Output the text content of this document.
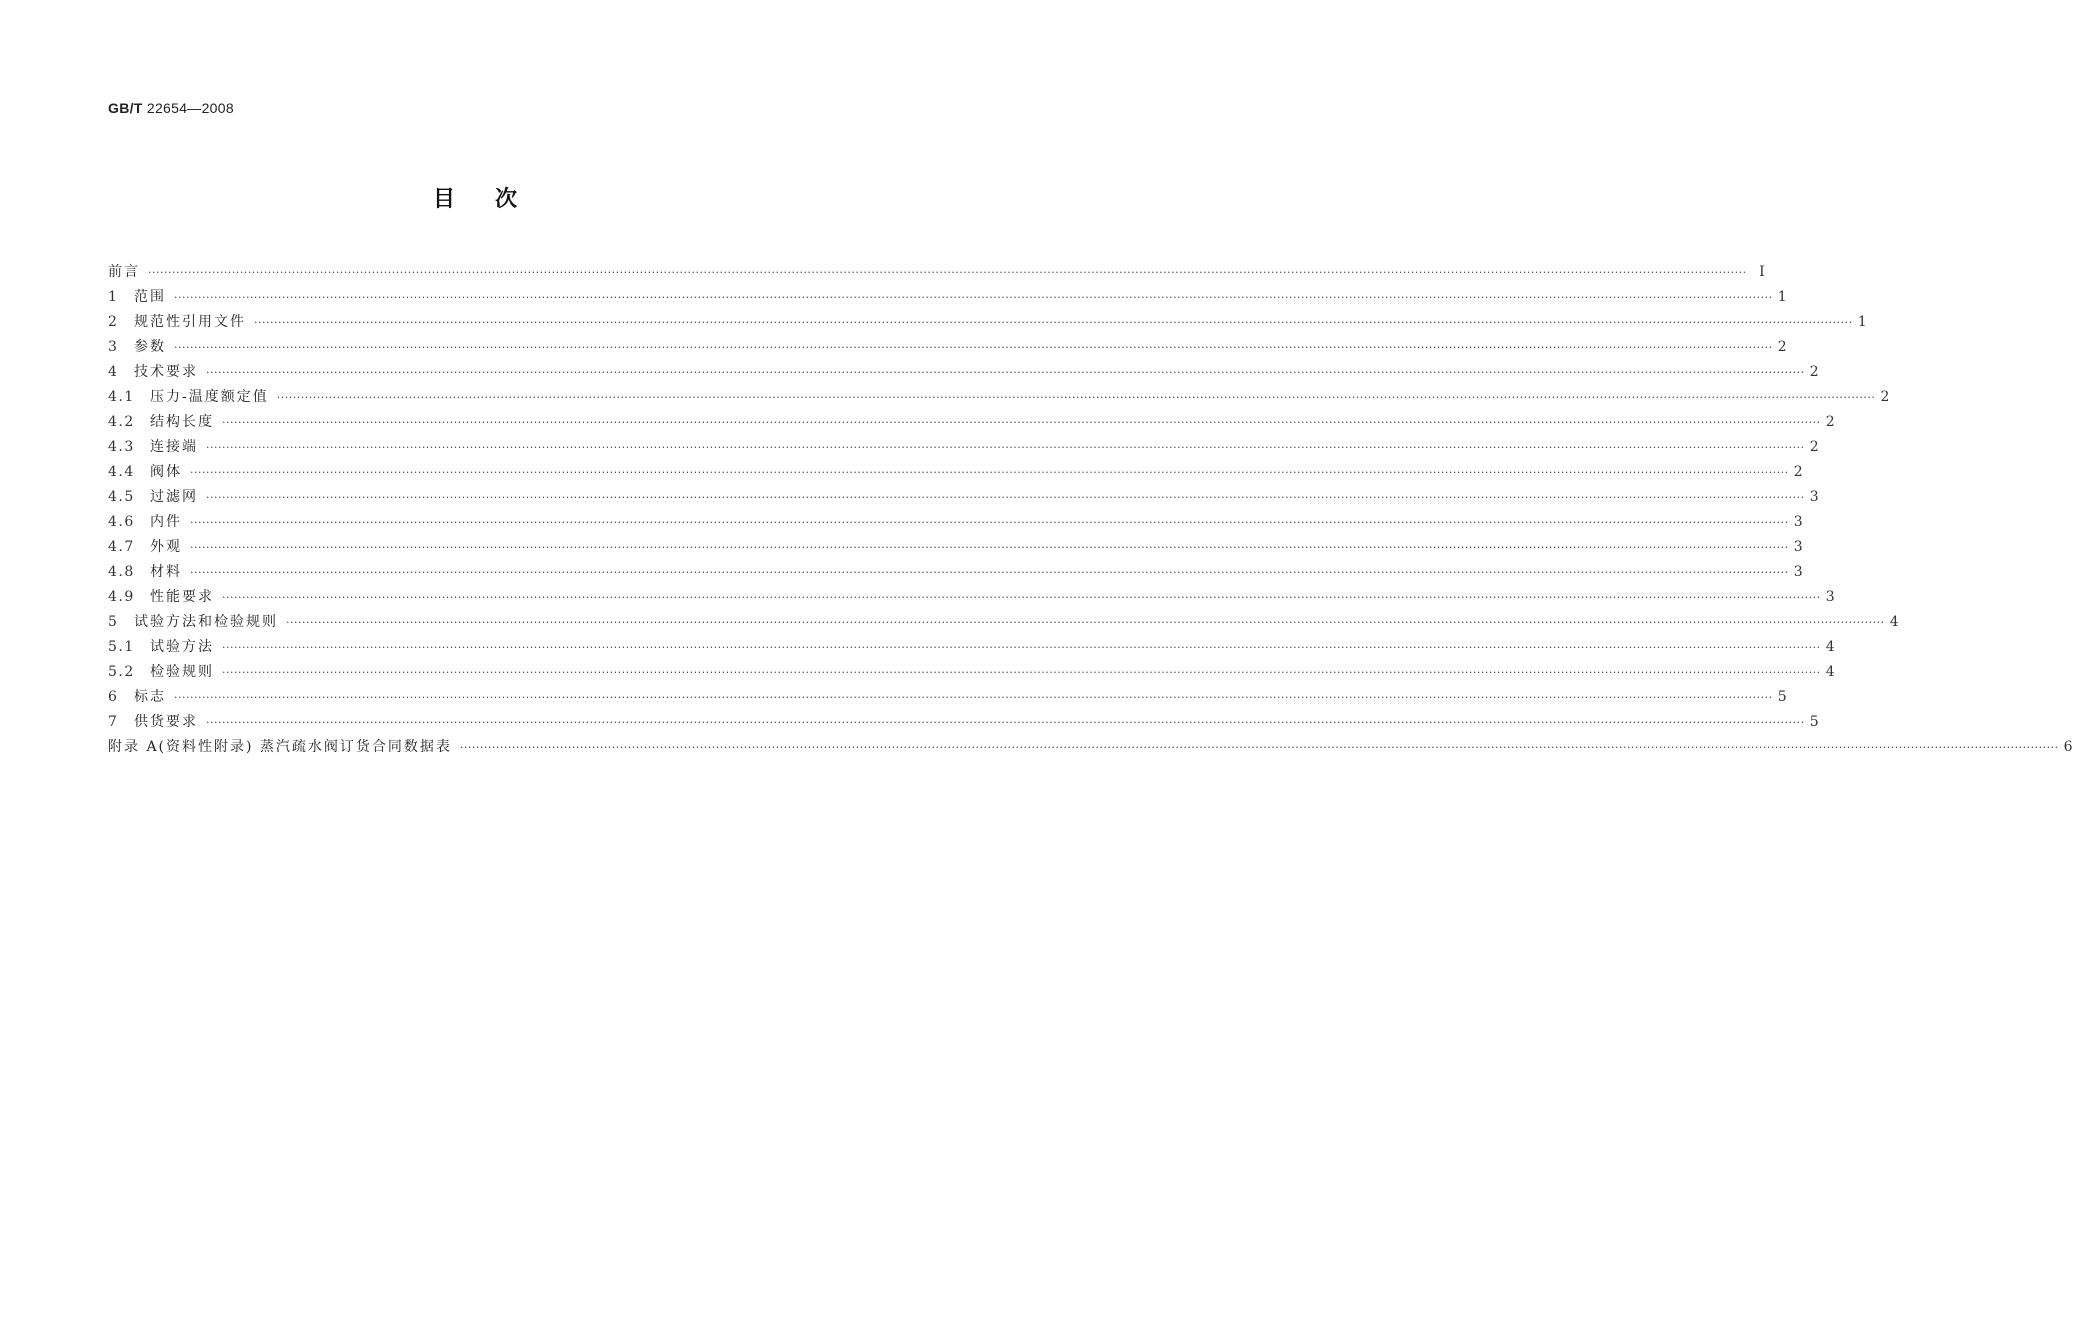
GB/T 22654—2008
目次
前言 ················································································································································································································································································································································································································ Ⅰ
1	范围 ················································································································································································································································································································································································································ 1
2	规范性引用文件 ················································································································································································································································································································································································································ 1
3	参数 ················································································································································································································································································································································································································ 2
4	技术要求 ················································································································································································································································································································································································································ 2
4.1	压力-温度额定值 ················································································································································································································································································································································································································ 2
4.2	结构长度 ················································································································································································································································································································································································································ 2
4.3	连接端 ················································································································································································································································································································································································································ 2
4.4	阀体 ················································································································································································································································································································································································································ 2
4.5	过滤网 ················································································································································································································································································································································································································ 3
4.6	内件 ················································································································································································································································································································································································································ 3
4.7	外观 ················································································································································································································································································································································································································ 3
4.8	材料 ················································································································································································································································································································································································································ 3
4.9	性能要求 ················································································································································································································································································································································································································ 3
5	试验方法和检验规则 ················································································································································································································································································································································································································ 4
5.1	试验方法 ················································································································································································································································································································································································································ 4
5.2	检验规则 ················································································································································································································································································································································································································ 4
6	标志 ················································································································································································································································································································································································································ 5
7	供货要求 ················································································································································································································································································································································································································ 5
附录 A(资料性附录) 蒸汽疏水阀订货合同数据表 ················································································································································································································································································································································································································ 6
